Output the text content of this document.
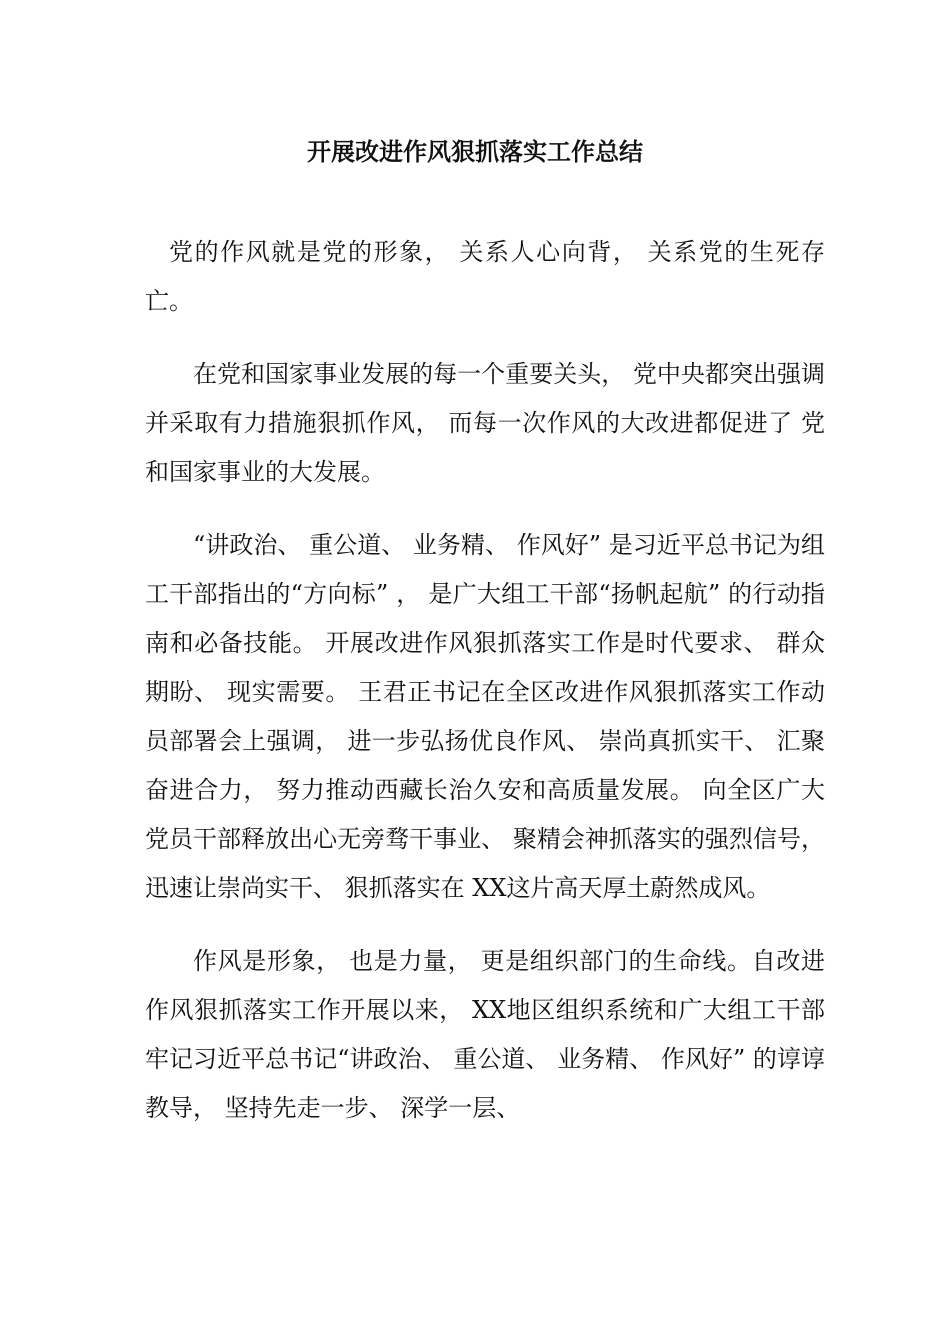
开展改进作风狠抓落实工作总结

党的作风就是党的形象， 关系人心向背， 关系党的生死存亡。

在党和国家事业发展的每一个重要关头， 党中央都突出强调并采取有力措施狠抓作风， 而每一次作风的大改进都促进了 党和国家事业的大发展。

“讲政治、 重公道、 业务精、 作风好” 是习近平总书记为组工干部指出的“方向标” ， 是广大组工干部“扬帆起航” 的行动指南和必备技能。 开展改进作风狠抓落实工作是时代要求、 群众期盼、 现实需要。 王君正书记在全区改进作风狠抓落实工作动员部署会上强调， 进一步弘扬优良作风、 崇尚真抓实干、 汇聚奋进合力， 努力推动西藏长治久安和高质量发展。 向全区广大党员干部释放出心无旁骛干事业、 聚精会神抓落实的强烈信号， 迅速让崇尚实干、 狠抓落实在 XX这片高天厚土蔚然成风。

作风是形象， 也是力量， 更是组织部门的生命线。自改进作风狠抓落实工作开展以来， XX地区组织系统和广大组工干部牢记习近平总书记“讲政治、 重公道、 业务精、 作风好” 的谆谆教导， 坚持先走一步、 深学一层、
